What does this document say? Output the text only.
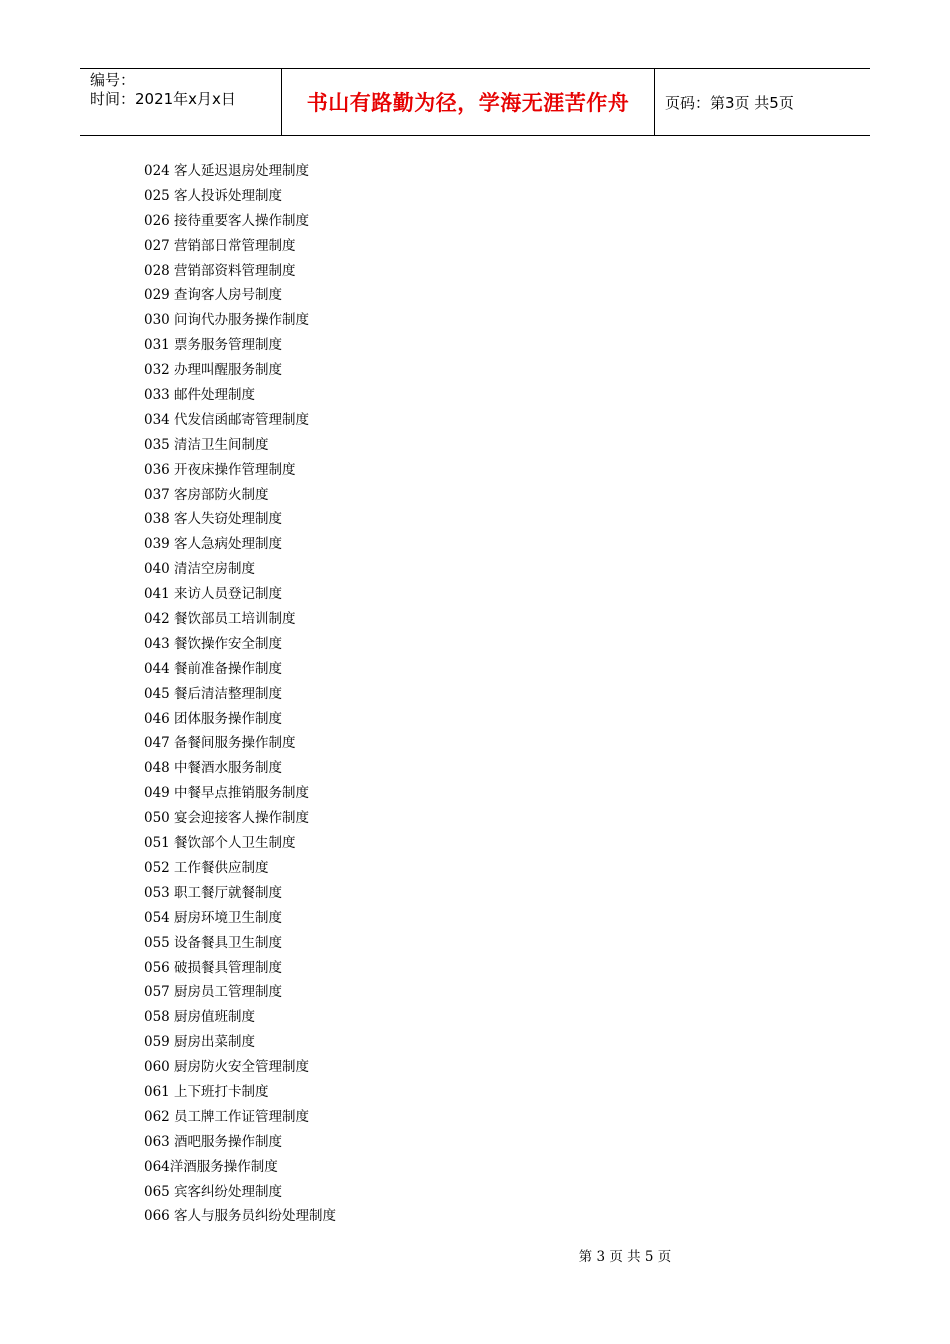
编号：
时间：2021年x月x日	书山有路勤为径，学海无涯苦作舟 页码：第3页 共5页
024 客人延迟退房处理制度
025 客人投诉处理制度
026 接待重要客人操作制度
027 营销部日常管理制度
028 营销部资料管理制度
029 查询客人房号制度
030 问询代办服务操作制度
031 票务服务管理制度
032 办理叫醒服务制度
033 邮件处理制度
034 代发信函邮寄管理制度
035 清洁卫生间制度
036 开夜床操作管理制度
037 客房部防火制度
038 客人失窃处理制度
039 客人急病处理制度
040 清洁空房制度
041 来访人员登记制度
042 餐饮部员工培训制度
043 餐饮操作安全制度
044 餐前准备操作制度
045 餐后清洁整理制度
046 团体服务操作制度
047 备餐间服务操作制度
048 中餐酒水服务制度
049 中餐早点推销服务制度
050 宴会迎接客人操作制度
051 餐饮部个人卫生制度
052 工作餐供应制度
053 职工餐厅就餐制度
054 厨房环境卫生制度
055 设备餐具卫生制度
056 破损餐具管理制度
057 厨房员工管理制度
058 厨房值班制度
059 厨房出菜制度
060 厨房防火安全管理制度
061 上下班打卡制度
062 员工牌工作证管理制度
063 酒吧服务操作制度
064洋酒服务操作制度
065 宾客纠纷处理制度
066 客人与服务员纠纷处理制度
第 3 页 共 5 页
